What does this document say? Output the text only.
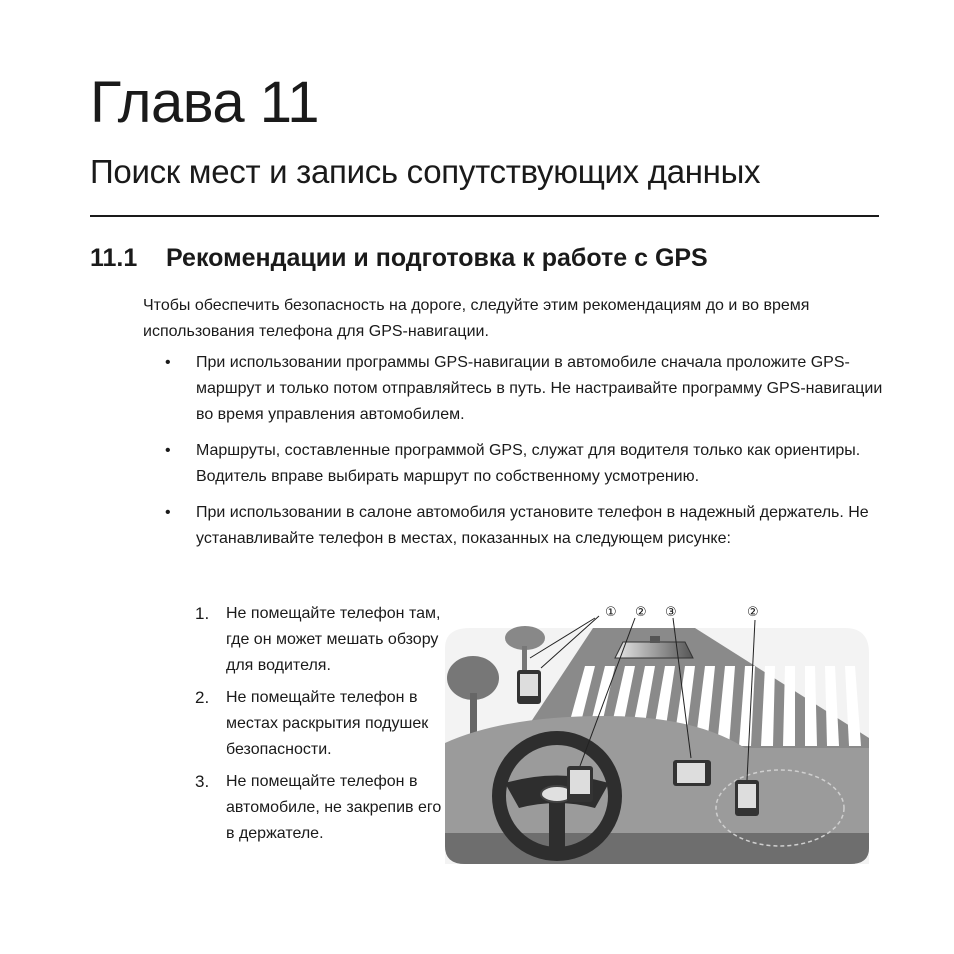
Глава 11
Поиск мест и запись сопутствующих данных
11.1 Рекомендации и подготовка к работе с GPS

Чтобы обеспечить безопасность на дороге, следуйте этим рекомендациям до и во время использования телефона для GPS-навигации.

• При использовании программы GPS-навигации в автомобиле сначала проложите GPS-маршрут и только потом отправляйтесь в путь. Не настраивайте программу GPS-навигации во время управления автомобилем.
• Маршруты, составленные программой GPS, служат для водителя только как ориентиры. Водитель вправе выбирать маршрут по собственному усмотрению.
• При использовании в салоне автомобиля установите телефон в надежный держатель. Не устанавливайте телефон в местах, показанных на следующем рисунке:
1. Не помещайте телефон там, где он может мешать обзору для водителя.
2. Не помещайте телефон в местах раскрытия подушек безопасности.
3. Не помещайте телефон в автомобиле, не закрепив его в держателе.
① ② ③	②
